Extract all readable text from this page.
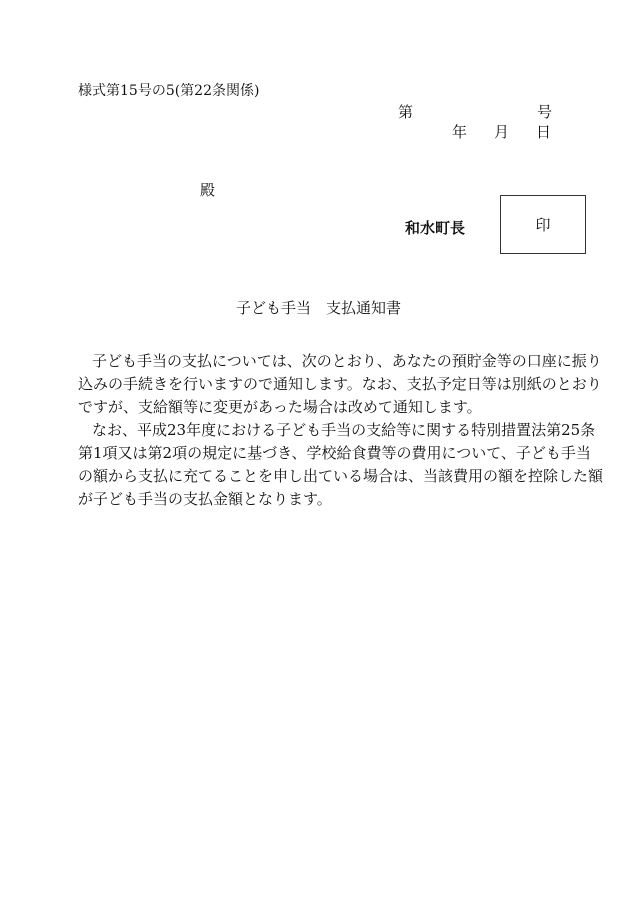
様式第15号の5(第22条関係)
第	号
年 月 日
殿
和水町長	印
子ども手当　支払通知書
子ども手当の支払については、次のとおり、あなたの預貯金等の口座に振り
込みの手続きを行いますので通知します。なお、支払予定日等は別紙のとおり
ですが、支給額等に変更があった場合は改めて通知します。
なお、平成23年度における子ども手当の支給等に関する特別措置法第25条
第1項又は第2項の規定に基づき、学校給食費等の費用について、子ども手当
の額から支払に充てることを申し出ている場合は、当該費用の額を控除した額
が子ども手当の支払金額となります。
